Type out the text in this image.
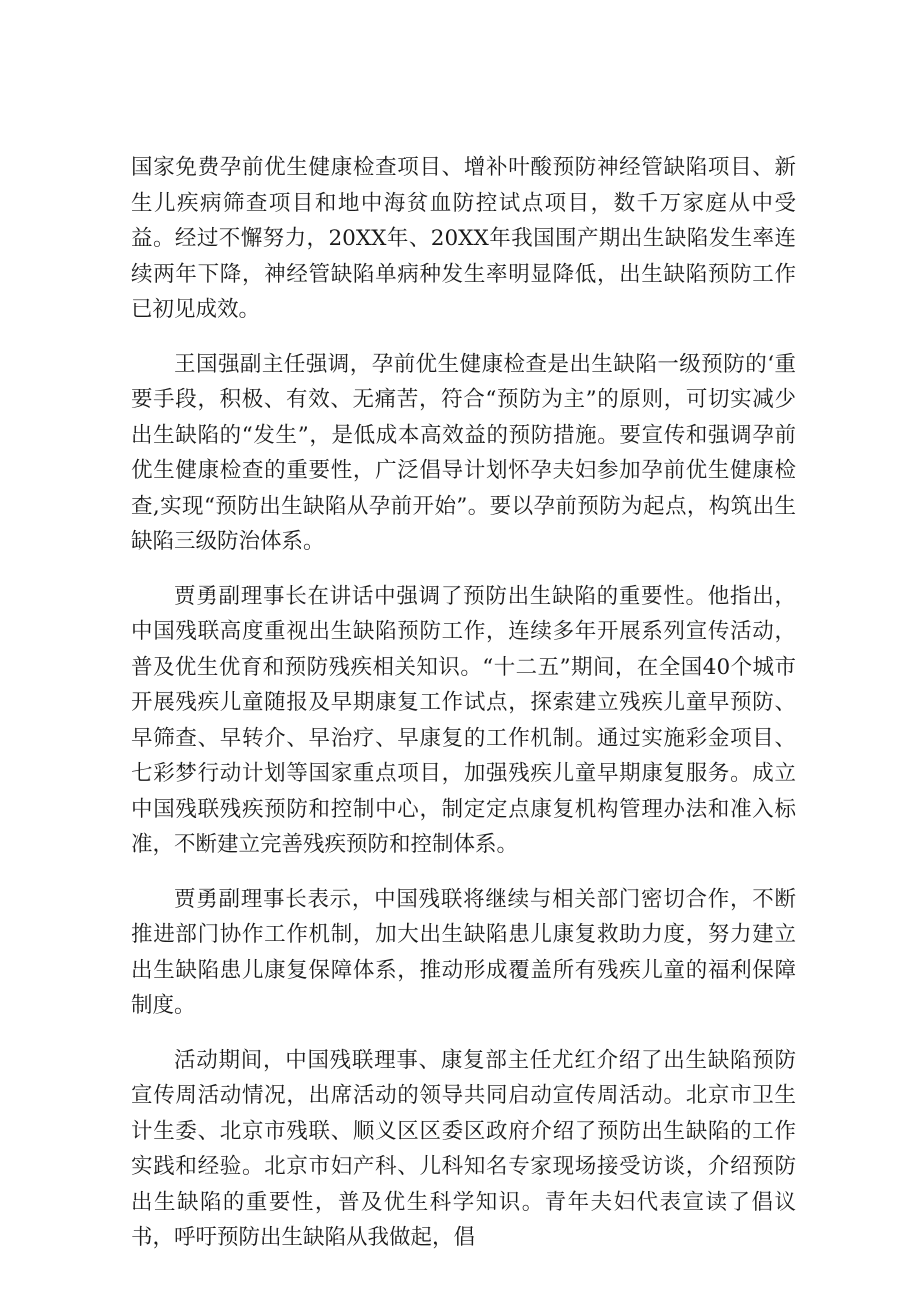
国家免费孕前优生健康检查项目、增补叶酸预防神经管缺陷项目、新生儿疾病筛查项目和地中海贫血防控试点项目，数千万家庭从中受益。经过不懈努力，20XX年、20XX年我国围产期出生缺陷发生率连续两年下降，神经管缺陷单病种发生率明显降低，出生缺陷预防工作已初见成效。

王国强副主任强调，孕前优生健康检查是出生缺陷一级预防的‘重要手段，积极、有效、无痛苦，符合“预防为主”的原则，可切实减少出生缺陷的“发生”，是低成本高效益的预防措施。要宣传和强调孕前优生健康检查的重要性，广泛倡导计划怀孕夫妇参加孕前优生健康检查,实现“预防出生缺陷从孕前开始”。要以孕前预防为起点，构筑出生缺陷三级防治体系。

贾勇副理事长在讲话中强调了预防出生缺陷的重要性。他指出，中国残联高度重视出生缺陷预防工作，连续多年开展系列宣传活动，普及优生优育和预防残疾相关知识。“十二五”期间，在全国40个城市开展残疾儿童随报及早期康复工作试点，探索建立残疾儿童早预防、早筛查、早转介、早治疗、早康复的工作机制。通过实施彩金项目、七彩梦行动计划等国家重点项目，加强残疾儿童早期康复服务。成立中国残联残疾预防和控制中心，制定定点康复机构管理办法和准入标准，不断建立完善残疾预防和控制体系。

贾勇副理事长表示，中国残联将继续与相关部门密切合作，不断推进部门协作工作机制，加大出生缺陷患儿康复救助力度，努力建立出生缺陷患儿康复保障体系，推动形成覆盖所有残疾儿童的福利保障制度。

活动期间，中国残联理事、康复部主任尤红介绍了出生缺陷预防宣传周活动情况，出席活动的领导共同启动宣传周活动。北京市卫生计生委、北京市残联、顺义区区委区政府介绍了预防出生缺陷的工作实践和经验。北京市妇产科、儿科知名专家现场接受访谈，介绍预防出生缺陷的重要性，普及优生科学知识。青年夫妇代表宣读了倡议书，呼吁预防出生缺陷从我做起，倡
